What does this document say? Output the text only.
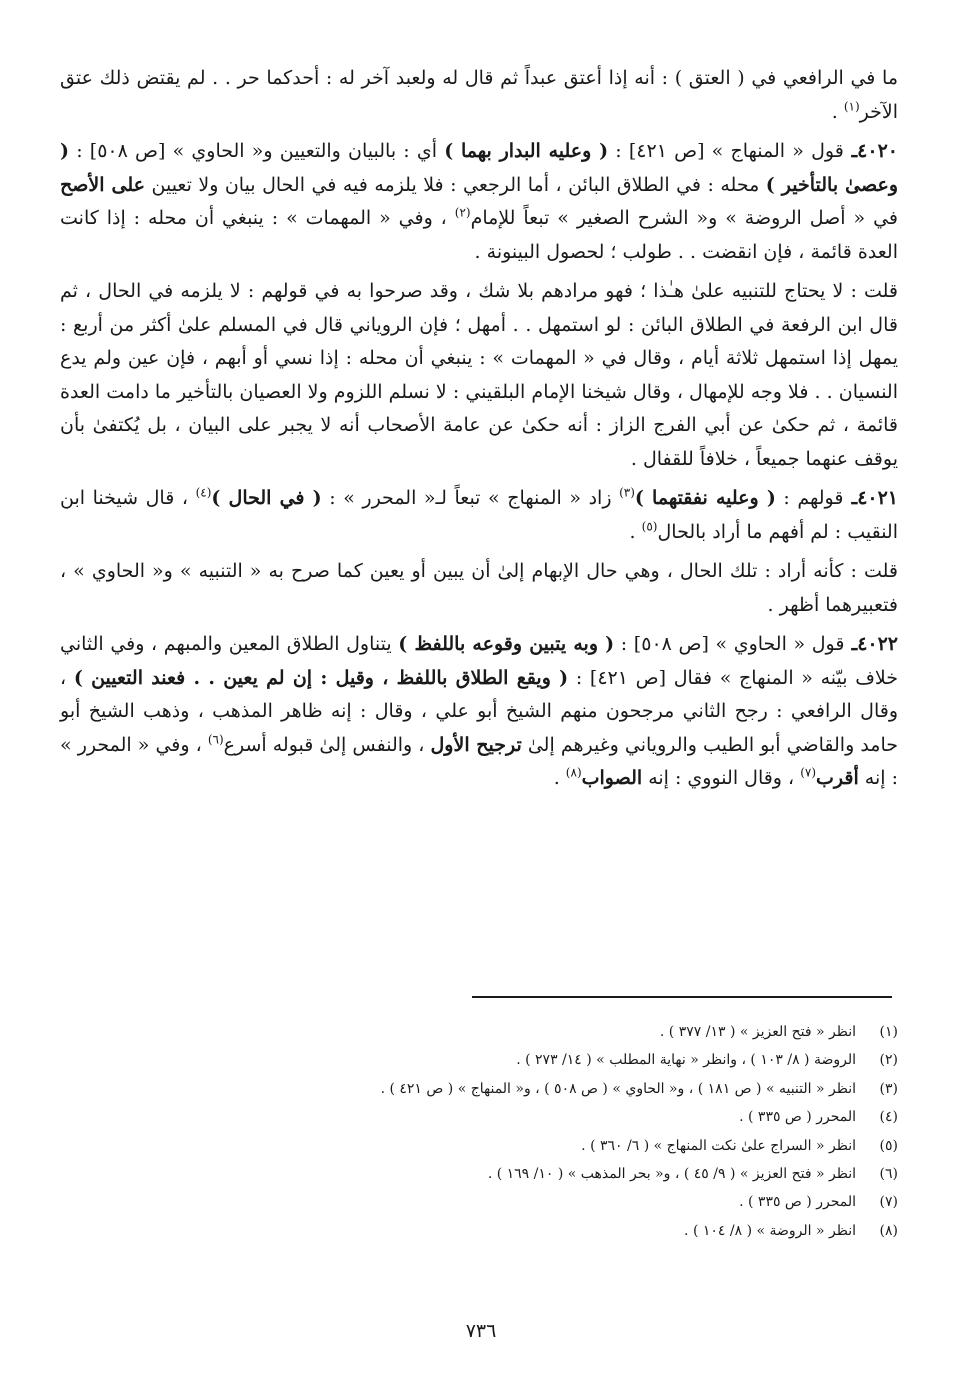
ما في الرافعي في ( العتق ) : أنه إذا أعتق عبداً ثم قال له ولعبد آخر له : أحدكما حر . . لم يقتض ذلك عتق الآخر$^{(١)}$ .

٤٠٢٠ـ قول « المنهاج » [ص ٤٢١] : ( وعليه البدار بهما ) أي : بالبيان والتعيين و« الحاوي » [ص ٥٠٨] : ( وعصىٰ بالتأخير ) محله : في الطلاق البائن ، أما الرجعي : فلا يلزمه فيه في الحال بيان ولا تعيين على الأصح في « أصل الروضة » و« الشرح الصغير » تبعاً للإمام$^{(٢)}$ ، وفي « المهمات » : ينبغي أن محله : إذا كانت العدة قائمة ، فإن انقضت . . طولب ؛ لحصول البينونة .

قلت : لا يحتاج للتنبيه علىٰ هـٰذا ؛ فهو مرادهم بلا شك ، وقد صرحوا به في قولهم : لا يلزمه في الحال ، ثم قال ابن الرفعة في الطلاق البائن : لو استمهل . . أمهل ؛ فإن الروياني قال في المسلم علىٰ أكثر من أربع : يمهل إذا استمهل ثلاثة أيام ، وقال في « المهمات » : ينبغي أن محله : إذا نسي أو أبهم ، فإن عين ولم يدع النسيان . . فلا وجه للإمهال ، وقال شيخنا الإمام البلقيني : لا نسلم اللزوم ولا العصيان بالتأخير ما دامت العدة قائمة ، ثم حكىٰ عن أبي الفرج الزاز : أنه حكىٰ عن عامة الأصحاب أنه لا يجبر على البيان ، بل يُكتفىٰ بأن يوقف عنهما جميعاً ، خلافاً للقفال .

٤٠٢١ـ قولهم : ( وعليه نفقتهما )$^{(٣)}$ زاد « المنهاج » تبعاً لـ« المحرر » : ( في الحال )$^{(٤)}$ ، قال شيخنا ابن النقيب : لم أفهم ما أراد بالحال$^{(٥)}$ .

قلت : كأنه أراد : تلك الحال ، وهي حال الإبهام إلىٰ أن يبين أو يعين كما صرح به « التنبيه » و« الحاوي » ، فتعبيرهما أظهر .

٤٠٢٢ـ قول « الحاوي » [ص ٥٠٨] : ( وبه يتبين وقوعه باللفظ ) يتناول الطلاق المعين والمبهم ، وفي الثاني خلاف بيّنه « المنهاج » فقال [ص ٤٢١] : ( ويقع الطلاق باللفظ ، وقيل : إن لم يعين . . فعند التعيين ) ، وقال الرافعي : رجح الثاني مرجحون منهم الشيخ أبو علي ، وقال : إنه ظاهر المذهب ، وذهب الشيخ أبو حامد والقاضي أبو الطيب والروياني وغيرهم إلىٰ ترجيح الأول ، والنفس إلىٰ قبوله أسرع$^{(٦)}$ ، وفي « المحرر » : إنه أقرب$^{(٧)}$ ، وقال النووي : إنه الصواب$^{(٨)}$ .

(١)انظر « فتح العزيز » ( ١٣/ ٣٧٧ ) .
(٢)الروضة ( ٨/ ١٠٣ ) ، وانظر « نهاية المطلب » ( ١٤/ ٢٧٣ ) .
(٣)انظر « التنبيه » ( ص ١٨١ ) ، و« الحاوي » ( ص ٥٠٨ ) ، و« المنهاج » ( ص ٤٢١ ) .
(٤)المحرر ( ص ٣٣٥ ) .
(٥)انظر « السراج علىٰ نكت المنهاج » ( ٦/ ٣٦٠ ) .
(٦)انظر « فتح العزيز » ( ٩/ ٤٥ ) ، و« بحر المذهب » ( ١٠/ ١٦٩ ) .
(٧)المحرر ( ص ٣٣٥ ) .
(٨)انظر « الروضة » ( ٨/ ١٠٤ ) .
٧٣٦
